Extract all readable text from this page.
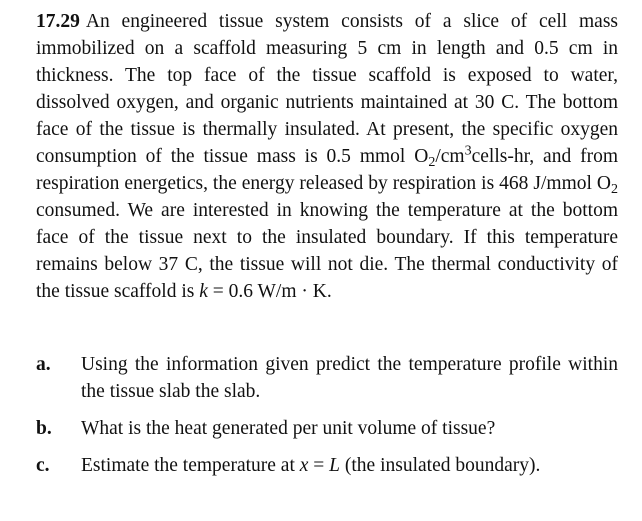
17.29 An engineered tissue system consists of a slice of cell mass immobilized on a scaffold measuring 5 cm in length and 0.5 cm in thickness. The top face of the tissue scaffold is exposed to water, dissolved oxygen, and organic nutrients maintained at 30 C. The bottom face of the tissue is thermally insulated. At present, the specific oxygen consumption of the tissue mass is 0.5 mmol $O_2/cm^3cells-hr$, and from respiration energetics, the energy released by respiration is 468 J/mmol $O_2$ consumed. We are interested in knowing the temperature at the bottom face of the tissue next to the insulated boundary. If this temperature remains below 37 C, the tissue will not die. The thermal conductivity of the tissue scaffold is k = 0.6 W/m · K.

a.	Using the information given predict the temperature profile within the tissue slab the slab.
b.	What is the heat generated per unit volume of tissue?
c.	Estimate the temperature at x = L (the insulated boundary).
